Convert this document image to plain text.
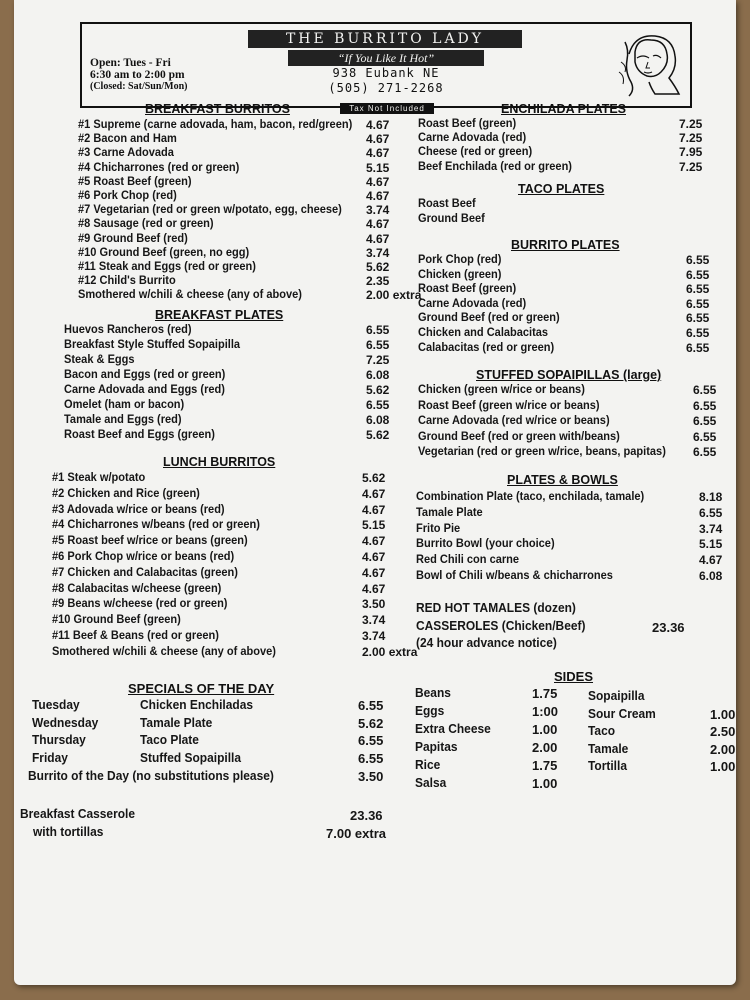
THE BURRITO LADY
“If You Like It Hot”
938 Eubank NE
(505) 271-2268
Open: Tues - Fri
6:30 am to 2:00 pm
(Closed: Sat/Sun/Mon)
Tax Not Included
BREAKFAST BURRITOS
#1 Supreme (carne adovada, ham, bacon, red/green) 4.67
#2 Bacon and Ham	4.67
#3 Carne Adovada	4.67
#4 Chicharrones (red or green)	5.15
#5 Roast Beef (green)	4.67
#6 Pork Chop (red)	4.67
#7 Vegetarian (red or green w/potato, egg, cheese) 3.74
#8 Sausage (red or green)	4.67
#9 Ground Beef (red)	4.67
#10 Ground Beef (green, no egg)	3.74
#11 Steak and Eggs (red or green)	5.62
#12 Child's Burrito	2.35
Smothered w/chili & cheese (any of above)	2.00 extra
BREAKFAST PLATES
Huevos Rancheros (red)	6.55
Breakfast Style Stuffed Sopaipilla	6.55
Steak & Eggs	7.25
Bacon and Eggs (red or green)	6.08
Carne Adovada and Eggs (red)	5.62
Omelet (ham or bacon)	6.55
Tamale and Eggs (red)	6.08
Roast Beef and Eggs (green)	5.62
LUNCH BURRITOS
#1 Steak w/potato	5.62
#2 Chicken and Rice (green)	4.67
#3 Adovada w/rice or beans (red)	4.67
#4 Chicharrones w/beans (red or green)	5.15
#5 Roast beef w/rice or beans (green)	4.67
#6 Pork Chop w/rice or beans (red)	4.67
#7 Chicken and Calabacitas (green)	4.67
#8 Calabacitas w/cheese (green)	4.67
#9 Beans w/cheese (red or green)	3.50
#10 Ground Beef (green)	3.74
#11 Beef & Beans (red or green)	3.74
Smothered w/chili & cheese (any of above)	2.00 extra
ENCHILADA PLATES
Roast Beef (green)	7.25
Carne Adovada (red)	7.25
Cheese (red or green)	7.95
Beef Enchilada (red or green)	7.25
TACO PLATES
Roast Beef
Ground Beef
BURRITO PLATES
Pork Chop (red)	6.55
Chicken (green)	6.55
Roast Beef (green)	6.55
Carne Adovada (red)	6.55
Ground Beef (red or green)	6.55
Chicken and Calabacitas	6.55
Calabacitas (red or green)	6.55
STUFFED SOPAIPILLAS (large)
Chicken (green w/rice or beans)	6.55
Roast Beef (green w/rice or beans)	6.55
Carne Adovada (red w/rice or beans)	6.55
Ground Beef (red or green with/beans)	6.55
Vegetarian (red or green w/rice, beans, papitas) 6.55
PLATES & BOWLS
Combination Plate (taco, enchilada, tamale)	8.18
Tamale Plate	6.55
Frito Pie	3.74
Burrito Bowl (your choice)	5.15
Red Chili con carne	4.67
Bowl of Chili w/beans & chicharrones	6.08
SPECIALS OF THE DAY
Tuesday	Chicken Enchiladas	6.55
Wednesday	Tamale Plate	5.62
Thursday	Taco Plate	6.55
Friday	Stuffed Sopaipilla	6.55
Burrito of the Day (no substitutions please)	3.50
Breakfast Casserole	23.36
with tortillas	7.00 extra
RED HOT TAMALES (dozen)
CASSEROLES (Chicken/Beef)	23.36
(24 hour advance notice)
SIDES
Beans	1.75
Eggs	1:00
Extra Cheese	1.00
Papitas	2.00
Rice	1.75
Salsa	1.00
Sopaipilla
Sour Cream	1.00
Taco	2.50
Tamale	2.00
Tortilla	1.00
